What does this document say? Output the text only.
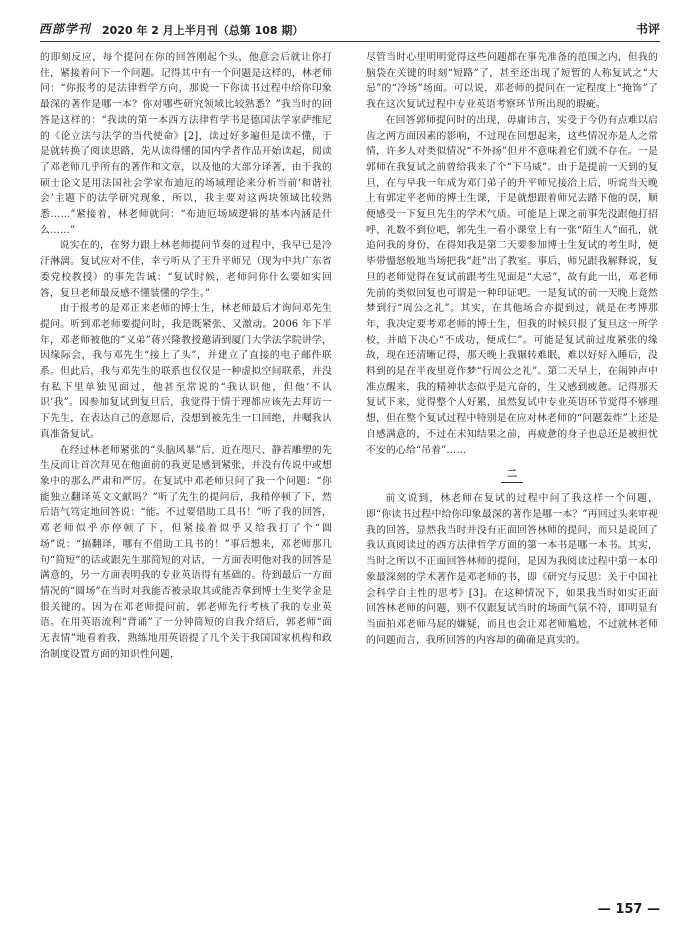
西部学刊 2020 年 2 月上半月刊（总第 108 期）	书评

的即刻反应，每个提问在你的回答刚起个头，他意会后就让你打住，紧接着问下一个问题。记得其中有一个问题是这样的，林老师问：“你报考的是法律哲学方向，那说一下你读书过程中给你印象最深的著作是哪一本？你对哪些研究领域比较熟悉？”我当时的回答是这样的：“我读的第一本西方法律哲学书是德国法学家萨维尼的《论立法与法学的当代使命》[2]，读过好多遍但是读不懂，于是就转换了阅读思路，先从读得懂的国内学者作品开始读起，阅读了邓老师几乎所有的著作和文章，以及他的大部分译著，由于我的硕士论文是用法国社会学家布迪厄的场域理论来分析当前‘和谐社会’主题下的法学研究现象，所以，我主要对这两块领域比较熟悉……”紧接着，林老师就问：“布迪厄场域逻辑的基本内涵是什么……”

说实在的，在努力跟上林老师提问节奏的过程中，我早已是冷汗淋漓。复试应对不佳，幸亏听从了王升平师兄（现为中共广东省委党校教授）的事先告诫：“复试时候，老师问你什么要如实回答，复旦老师最反感不懂装懂的学生。”

由于报考的是邓正来老师的博士生，林老师最后才询问邓先生提问。听到邓老师要提问时，我是既紧张、又激动。2006 年下半年，邓老师被他的“义弟”蒋兴隆教授邀请到厦门大学法学院讲学，因缘际会，我与邓先生“接上了头”，并建立了直接的电子邮件联系。但此后，我与邓先生的联系也仅仅是一种虚拟空间联系，并没有私下里单独见面过，他甚至常说的“我认识他，但他‘不认识’我”。因参加复试到复旦后，我觉得于情于理都应该先去拜访一下先生，在表达自己的意愿后，没想到被先生一口回绝，并嘱我认真准备复试。

在经过林老师紧张的“头脑风暴”后，近在咫尺、静若雕塑的先生反而让首次拜见在他面前的我更是感到紧张，并没有传说中或想象中的那么严肃和严厉。在复试中邓老师只问了我一个问题：“你能独立翻译英文文献吗？”听了先生的提问后，我稍停顿了下，然后语气笃定地回答说：“能。不过要借助工具书！”听了我的回答，邓老师似乎亦停顿了下，但紧接着似乎又给我打了个“圆场”说：“搞翻译，哪有不借助工具书的！”事后想来，邓老师那几句“简短”的话或跟先生那简短的对话，一方面表明他对我的回答是满意的，另一方面表明我的专业英语得有基础的。待到最后一方面情况的“圆场”在当时对我能否被录取其或能否拿到博士生奖学金是很关键的。因为在邓老师提问前，郭老师先行考核了我的专业英语。在用英语流利“背诵”了一分钟简短的自我介绍后，郭老师“面无表情”地看着我，熟练地用英语提了几个关于我国国家机构和政治制度设置方面的知识性问题，

尽管当时心里明明觉得这些问题都在事先准备的范围之内，但我的脑袋在关键的时刻“短路”了，甚至还出现了短暂的人称复试之“大忌”的“冷场”场面。可以说，邓老师的提问在一定程度上“掩饰”了我在这次复试过程中专业英语考察环节所出现的瑕疵。

在回答郭师提问时的出现，毋庸讳言，实受于今仍有点难以启齿之两方面因素的影响，不过现在回想起来，这些情况亦是人之常情，许多人对类似情况“不外扬”但并不意味着它们就不存在。一是郭师在我复试之前曾给我来了个“下马威”。由于是提前一天到的复旦，在与早我一年成为邓门弟子的升平师兄接洽上后，听说当天晚上有郭定平老师的博士生课，于是就想跟着师兄去踏下他的误，顺便感受一下复旦先生的学术气质。可能是上课之前事先没跟他打招呼、礼数不到位吧，郭先生一看小课堂上有一张“陌生人”面孔，就追问我的身份，在得知我是第二天要参加博士生复试的考生时，便毕带慍怒般地当场把我“赶”出了教室。事后，师兄跟我解释说，复旦的老师觉得在复试前跟考生见面是“大忌”，故有此一出，邓老师先前的类似回复也可谓是一种印证吧。一是复试的前一天晚上竟然梦到行“周公之礼”。其实，在其他场合亦提到过，就是在考博那年，我决定要考邓老师的博士生，但我的时候只报了复旦这一所学校，并暗下决心“不成功，便成仁”。可能是复试前过度紧张的缘故，现在还清晰记得，那天晚上我辗转难眠，难以好好入睡后，没料到的是在半夜里竟作梦“行周公之礼”。第二天早上，在闹钟声中准点醒来，我的精神状态似乎是亢奋的，生又感到疲惫。记得那天复试下来，觉得整个人好累，虽然复试中专业英语环节觉得不够理想，但在整个复试过程中特别是在应对林老师的“问题轰炸”上还是自感满意的，不过在未知结果之前，再疲惫的身子也总还是被担忧不安的心给“吊着”……

二

前文说到，林老师在复试的过程中问了我这样一个问题，即“你读书过程中给你印象最深的著作是哪一本？”再回过头来审视我的回答，显然我当时并没有正面回答林师的提问，而只是说回了我认真阅读过的西方法律哲学方面的第一本书是哪一本书。其实，当时之所以不正面回答林师的提问，是因为我阅读过程中第一本印象最深刻的学术著作是邓老师的书，即《研究与反思：关于中国社会科学自主性的思考》[3]。在这种情况下，如果我当时如实正面回答林老师的问题，则不仅跟复试当时的场面气氛不符，即明显有当面拍邓老师马屁的嫌疑，而且也会让邓老师尴尬，不过就林老师的问题而言，我所回答的内容却的确确是真实的。

— 157 —
